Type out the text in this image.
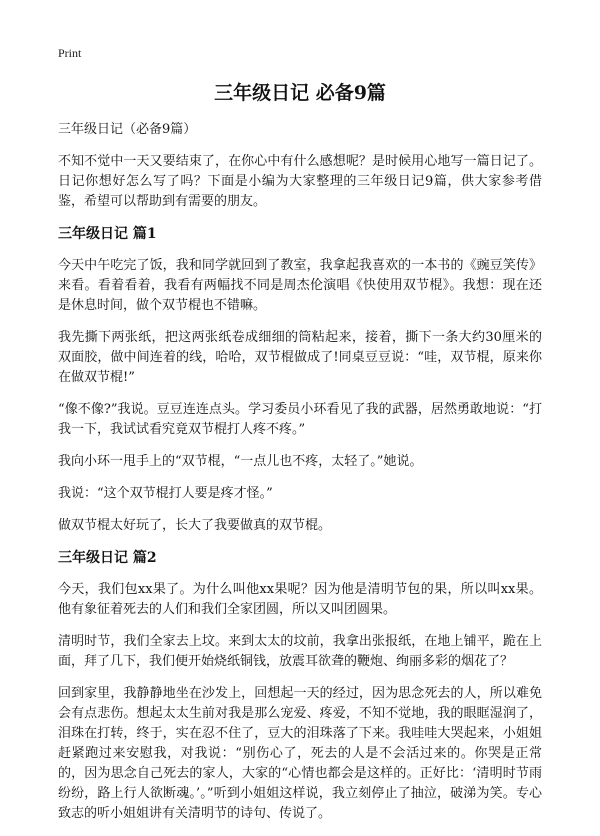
Print
三年级日记 必备9篇

三年级日记（必备9篇）

不知不觉中一天又要结束了，在你心中有什么感想呢？是时候用心地写一篇日记了。日记你想好怎么写了吗？下面是小编为大家整理的三年级日记9篇，供大家参考借鉴，希望可以帮助到有需要的朋友。

三年级日记 篇1

今天中午吃完了饭，我和同学就回到了教室，我拿起我喜欢的一本书的《豌豆笑传》来看。看着看着，我看有两幅找不同是周杰伦演唱《快使用双节棍》。我想：现在还是休息时间，做个双节棍也不错嘛。

我先撕下两张纸，把这两张纸卷成细细的筒粘起来，接着，撕下一条大约30厘米的双面胶，做中间连着的线，哈哈，双节棍做成了!同桌豆豆说：“哇，双节棍，原来你在做双节棍!”

“像不像?”我说。豆豆连连点头。学习委员小环看见了我的武器，居然勇敢地说：“打我一下，我试试看究竟双节棍打人疼不疼。”

我向小环一甩手上的“双节棍，“一点儿也不疼，太轻了。”她说。

我说：“这个双节棍打人要是疼才怪。”

做双节棍太好玩了，长大了我要做真的双节棍。

三年级日记 篇2

今天，我们包xx果了。为什么叫他xx果呢？因为他是清明节包的果，所以叫xx果。他有象征着死去的人们和我们全家团圆，所以又叫团圆果。

清明时节，我们全家去上坟。来到太太的坟前，我拿出张报纸，在地上铺平，跪在上面，拜了几下，我们便开始烧纸铜钱，放震耳欲聋的鞭炮、绚丽多彩的烟花了？

回到家里，我静静地坐在沙发上，回想起一天的经过，因为思念死去的人，所以难免会有点悲伤。想起太太生前对我是那么宠爱、疼爱，不知不觉地，我的眼眶湿润了，泪珠在打转，终于，实在忍不住了，豆大的泪珠落了下来。我哇哇大哭起来，小姐姐赶紧跑过来安慰我，对我说：“别伤心了，死去的人是不会活过来的。你哭是正常的，因为思念自己死去的家人，大家的“心情也都会是这样的。正好比：‘清明时节雨纷纷，路上行人欲断魂。’。”听到小姐姐这样说，我立刻停止了抽泣，破涕为笑。专心致志的听小姐姐讲有关清明节的诗句、传说了。
